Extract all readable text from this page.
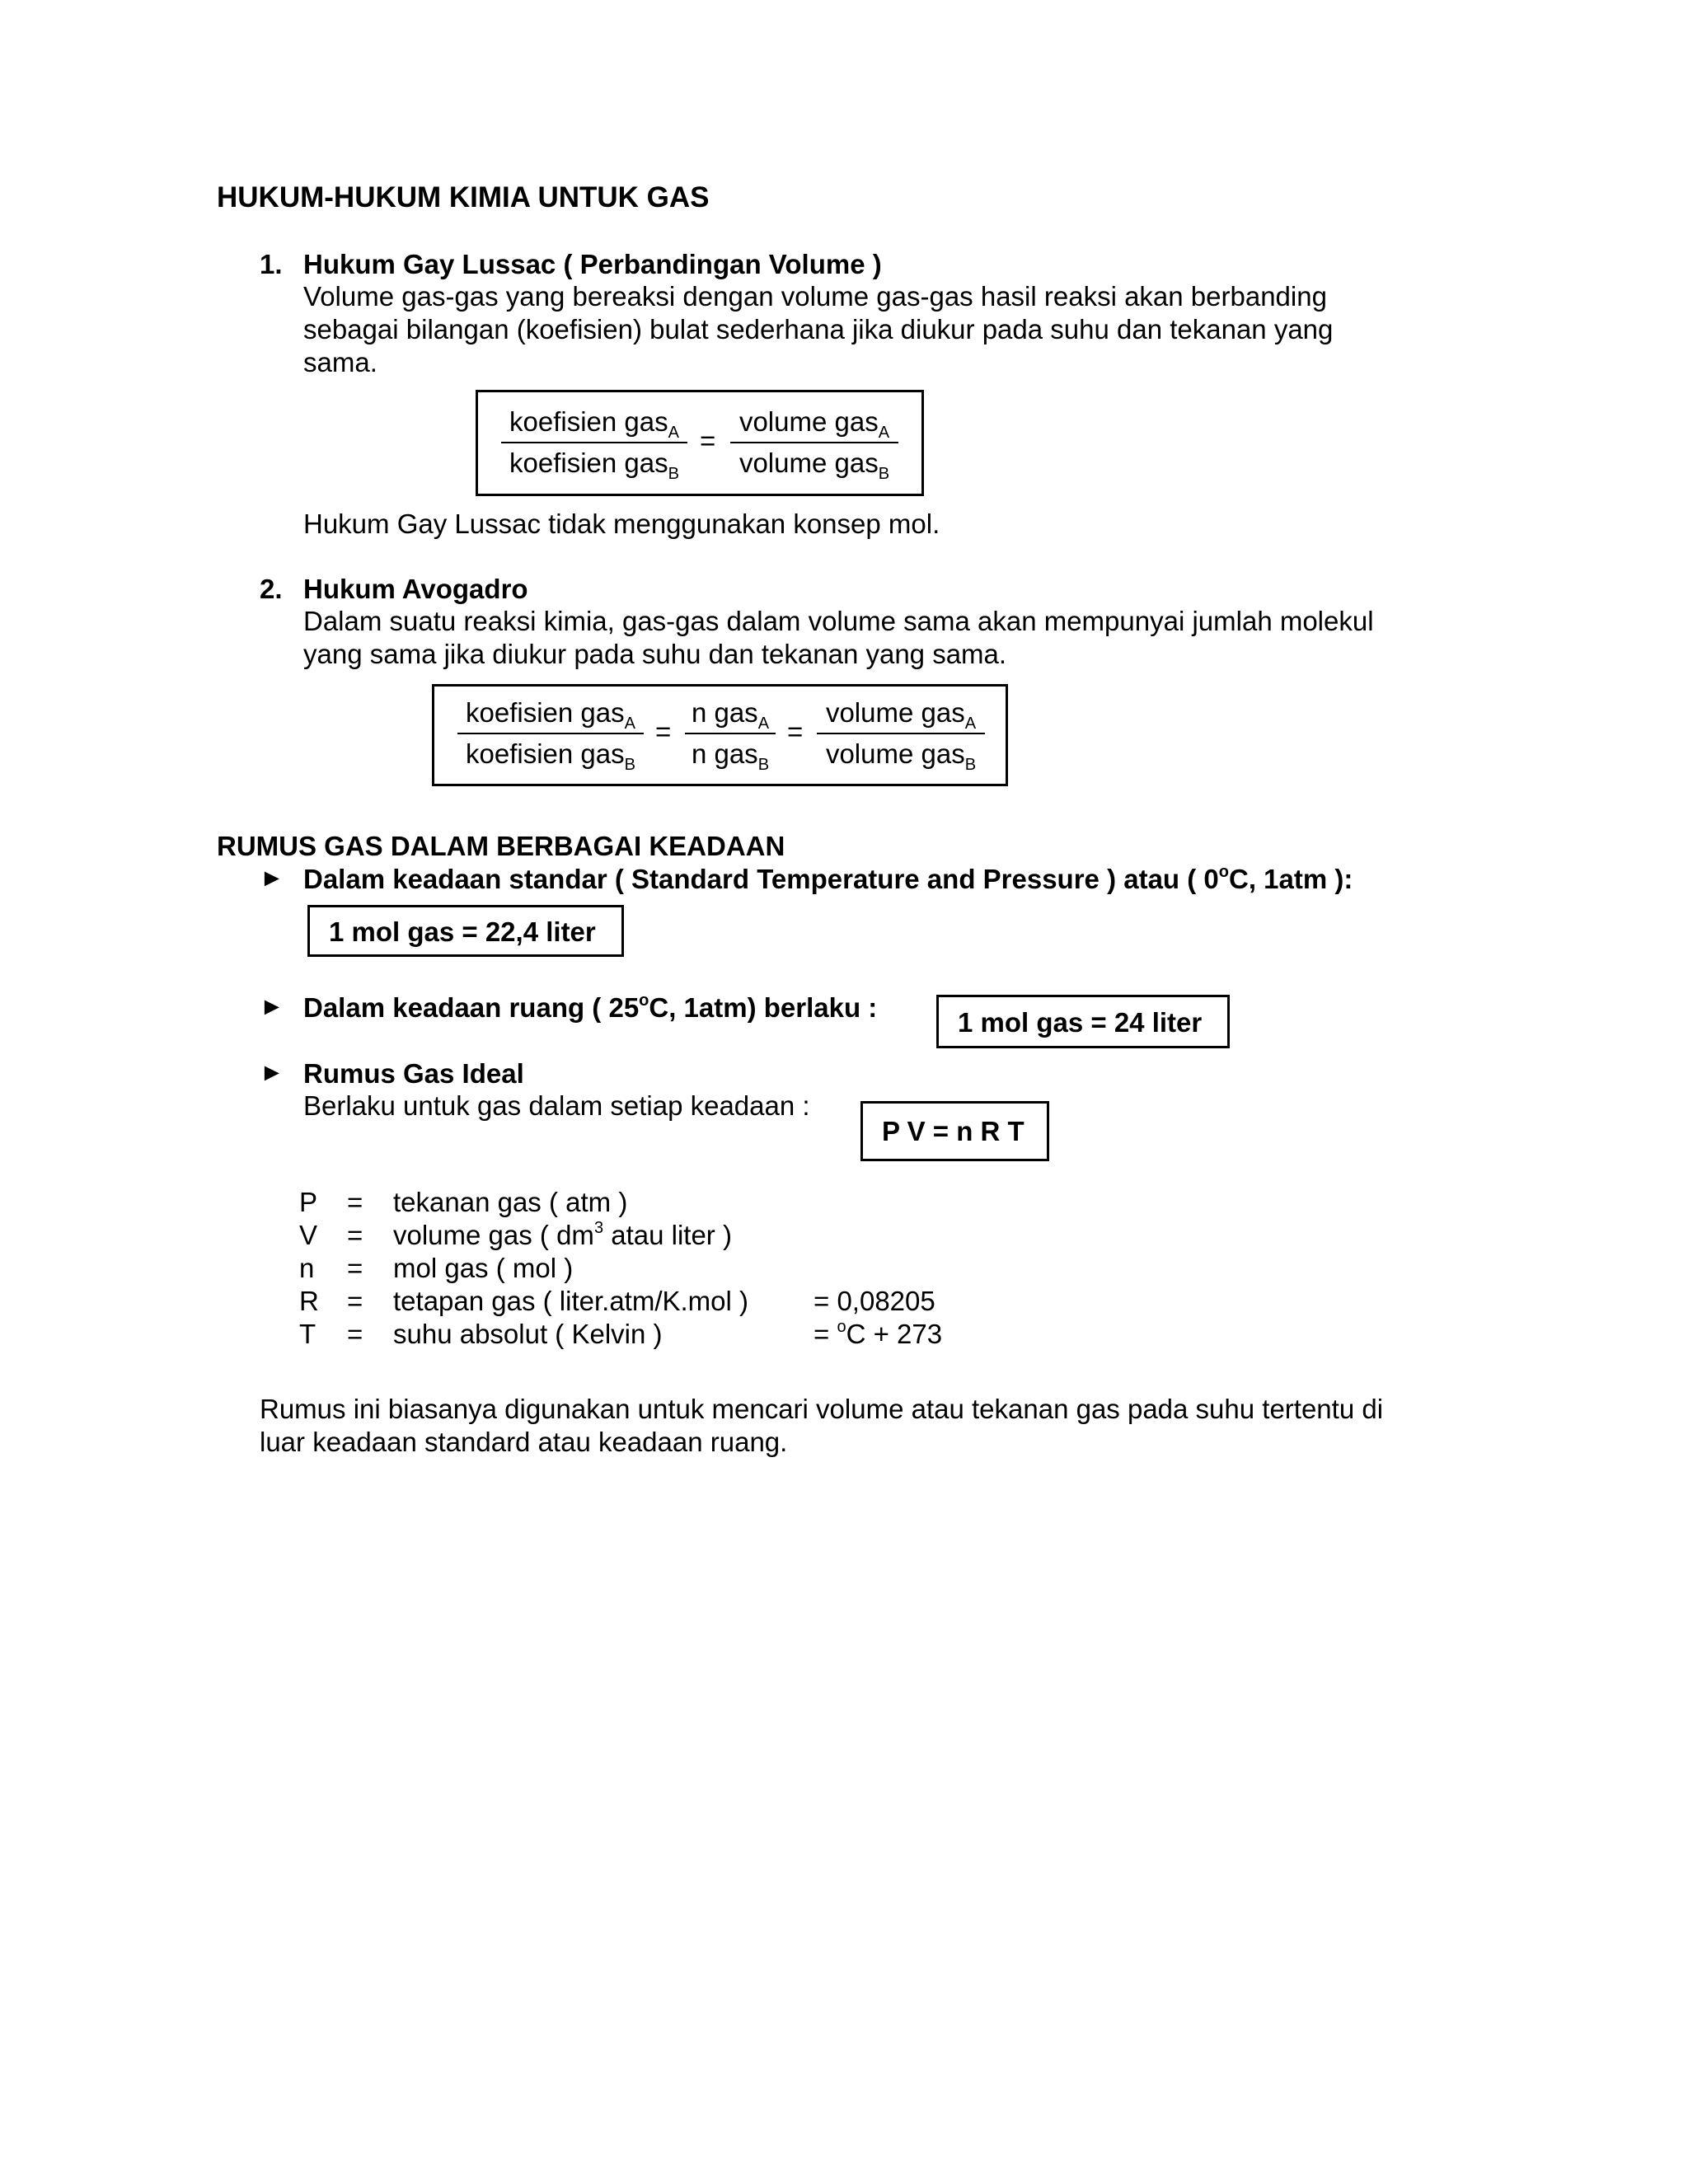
HUKUM-HUKUM KIMIA UNTUK GAS
1. Hukum Gay Lussac ( Perbandingan Volume )
Volume gas-gas yang bereaksi dengan volume gas-gas hasil reaksi akan berbanding
sebagai bilangan (koefisien) bulat sederhana jika diukur pada suhu dan tekanan yang
sama.
koefisien gas$_A$
koefisien gas$_B$
=
volume gas$_A$
volume gas$_B$
Hukum Gay Lussac tidak menggunakan konsep mol.
2. Hukum Avogadro
Dalam suatu reaksi kimia, gas-gas dalam volume sama akan mempunyai jumlah molekul
yang sama jika diukur pada suhu dan tekanan yang sama.
koefisien gas$_A$
koefisien gas$_B$
=
n gas$_A$
n gas$_B$
=
volume gas$_A$
volume gas$_B$
RUMUS GAS DALAM BERBAGAI KEADAAN
► Dalam keadaan standar ( Standard Temperature and Pressure ) atau ( 0$^o$C, 1atm ):
1 mol gas = 22,4 liter
► Dalam keadaan ruang ( 25$^o$C, 1atm) berlaku :	1 mol gas = 24 liter
► Rumus Gas Ideal
Berlaku untuk gas dalam setiap keadaan :
P V = n R T
P = tekanan gas ( atm )
V = volume gas ( $dm^3$ atau liter )
n = mol gas ( mol )
R = tetapan gas ( liter.atm/K.mol ) = 0,08205
T = suhu absolut ( Kelvin )	= $^o$C + 273
Rumus ini biasanya digunakan untuk mencari volume atau tekanan gas pada suhu tertentu di
luar keadaan standard atau keadaan ruang.
